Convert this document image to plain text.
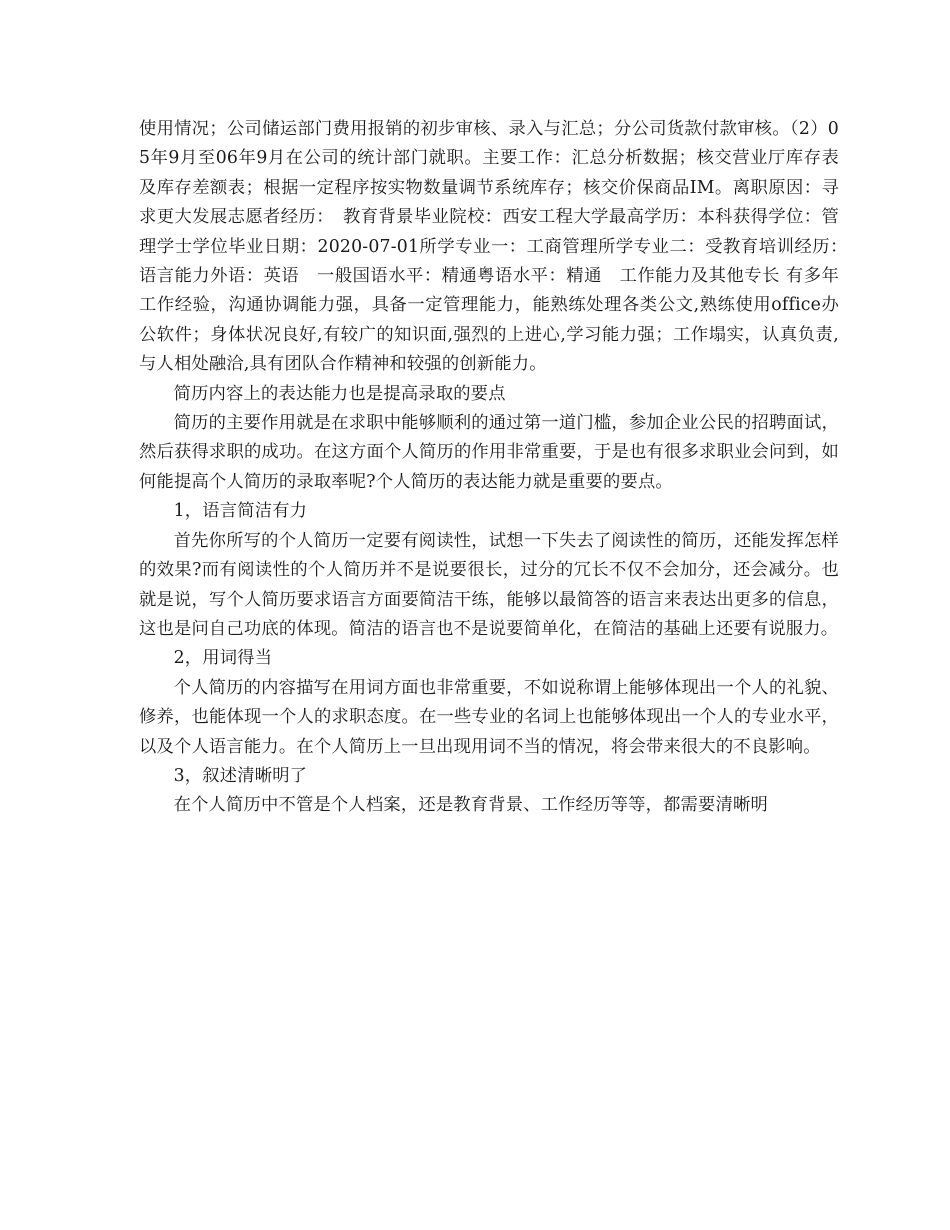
使用情况；公司储运部门费用报销的初步审核、录入与汇总；分公司货款付款审核。（2）05年9月至06年9月在公司的统计部门就职。主要工作：汇总分析数据；核交营业厅库存表及库存差额表；根据一定程序按实物数量调节系统库存；核交价保商品IM。离职原因：寻求更大发展志愿者经历：　教育背景毕业院校：西安工程大学最高学历：本科获得学位：管理学士学位毕业日期：2020-07-01所学专业一：工商管理所学专业二：受教育培训经历：　语言能力外语：英语　一般国语水平：精通粤语水平：精通　工作能力及其他专长 有多年工作经验，沟通协调能力强，具备一定管理能力，能熟练处理各类公文,熟练使用office办公软件；身体状况良好,有较广的知识面,强烈的上进心,学习能力强；工作塌实，认真负责,与人相处融洽,具有团队合作精神和较强的创新能力。

简历内容上的表达能力也是提高录取的要点

简历的主要作用就是在求职中能够顺利的通过第一道门槛，参加企业公民的招聘面试，然后获得求职的成功。在这方面个人简历的作用非常重要，于是也有很多求职业会问到，如何能提高个人简历的录取率呢?个人简历的表达能力就是重要的要点。

1，语言简洁有力

首先你所写的个人简历一定要有阅读性，试想一下失去了阅读性的简历，还能发挥怎样的效果?而有阅读性的个人简历并不是说要很长，过分的冗长不仅不会加分，还会减分。也就是说，写个人简历要求语言方面要简洁干练，能够以最简答的语言来表达出更多的信息，这也是问自己功底的体现。简洁的语言也不是说要简单化，在简洁的基础上还要有说服力。

2，用词得当

个人简历的内容描写在用词方面也非常重要，不如说称谓上能够体现出一个人的礼貌、修养，也能体现一个人的求职态度。在一些专业的名词上也能够体现出一个人的专业水平，以及个人语言能力。在个人简历上一旦出现用词不当的情况，将会带来很大的不良影响。

3，叙述清晰明了

在个人简历中不管是个人档案，还是教育背景、工作经历等等，都需要清晰明
